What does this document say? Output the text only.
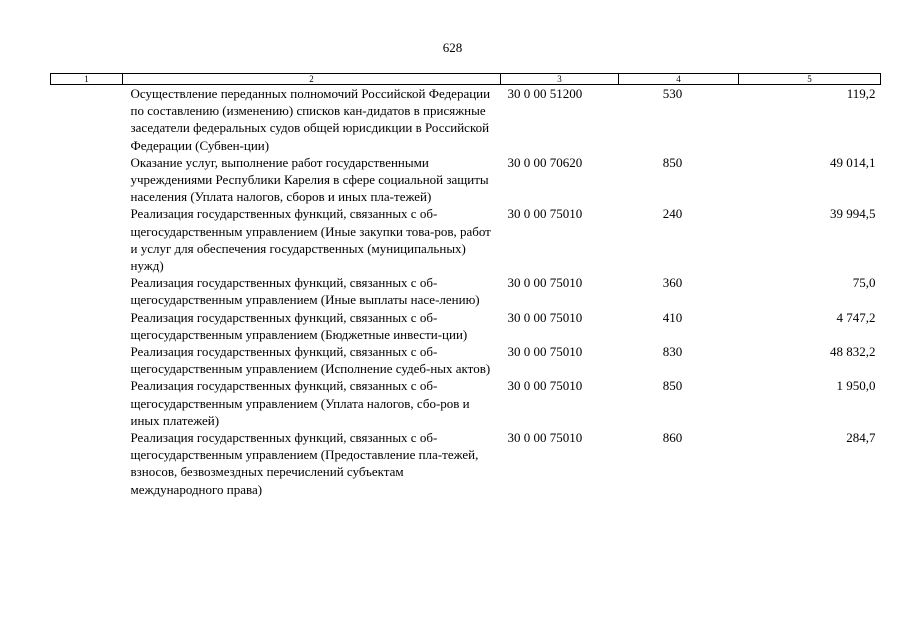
628
1	2	3	4	5
	Осуществление переданных полномочий Российской Федерации по составлению (изменению) списков кан-дидатов в присяжные заседатели федеральных судов общей юрисдикции в Российской Федерации (Субвен-ции)	30 0 00 51200	530	119,2
	Оказание услуг, выполнение работ государственными учреждениями Республики Карелия в сфере социальной защиты населения (Уплата налогов, сборов и иных пла-тежей)	30 0 00 70620	850	49 014,1
	Реализация государственных функций, связанных с об-щегосударственным управлением (Иные закупки това-ров, работ и услуг для обеспечения государственных (муниципальных) нужд)	30 0 00 75010	240	39 994,5
	Реализация государственных функций, связанных с об-щегосударственным управлением (Иные выплаты насе-лению)	30 0 00 75010	360	75,0
	Реализация государственных функций, связанных с об-щегосударственным управлением (Бюджетные инвести-ции)	30 0 00 75010	410	4 747,2
	Реализация государственных функций, связанных с об-щегосударственным управлением (Исполнение судеб-ных актов)	30 0 00 75010	830	48 832,2
	Реализация государственных функций, связанных с об-щегосударственным управлением (Уплата налогов, сбо-ров и иных платежей)	30 0 00 75010	850	1 950,0
	Реализация государственных функций, связанных с об-щегосударственным управлением (Предоставление пла-тежей, взносов, безвозмездных перечислений субъектам международного права)	30 0 00 75010	860	284,7
